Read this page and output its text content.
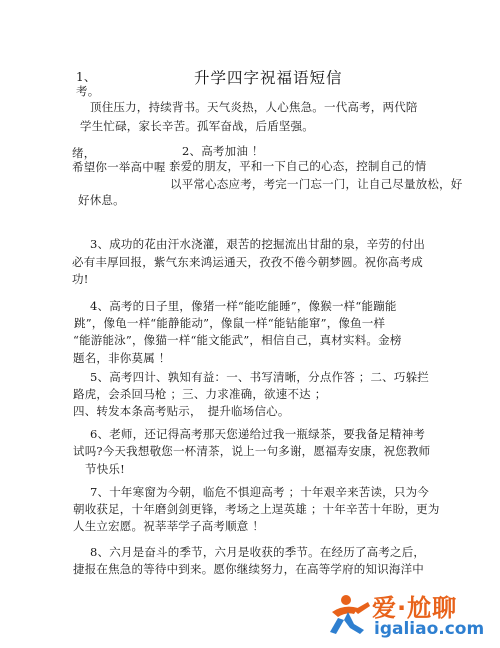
升学四字祝福语短信
1、
考。
顶住压力，持续背书。天气炎热，人心焦急。一代高考，两代陪
学生忙碌，家长辛苦。孤军奋战，后盾坚强。
绪，	2、高考加油 ！
希望你一举高中喔 ！
亲爱的朋友，平和一下自己的心态，控制自己的情
以平常心态应考，考完一门忘一门，让自己尽量放松，好
好休息。
3、成功的花由汗水浇灌，艰苦的挖掘流出甘甜的泉，辛劳的付出
必有丰厚回报，紫气东来鸿运通天，孜孜不倦今朝梦圆。祝你高考成
功!
4、高考的日子里，像猪一样“能吃能睡”，像猴一样“能蹦能
跳”，像龟一样“能静能动”，像鼠一样“能钻能窜”，像鱼一样
“能游能泳”，像猫一样“能文能武”，相信自己，真材实料。金榜
题名，非你莫属 ！
5、高考四计、孰知有益：一、书写清晰，分点作答 ；二、巧躲拦
路虎，会杀回马枪 ；三、力求准确，欲速不达 ；
四、转发本条高考贴示，　提升临场信心。
6、老师，还记得高考那天您递给过我一瓶绿茶，要我备足精神考
试吗?今天我想敬您一杯清茶，说上一句多谢，愿福寿安康，祝您教师
节快乐!
7、十年寒窗为今朝，临危不惧迎高考 ；十年艰辛来苦读，只为今
朝收获足，十年磨剑剑更锋，考场之上逞英雄 ；十年辛苦十年盼，更为
人生立宏愿。祝莘莘学子高考顺意 ！
8、六月是奋斗的季节，六月是收获的季节。在经历了高考之后，
捷报在焦急的等待中到来。愿你继续努力，在高等学府的知识海洋中
爱·尬聊
igaliao.com
